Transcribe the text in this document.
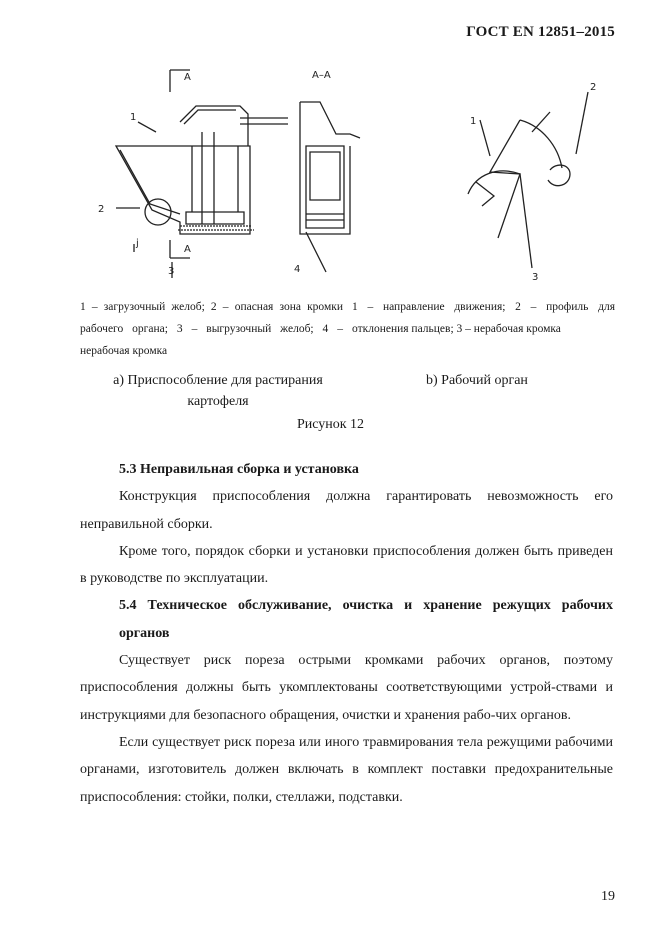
ГОСТ EN 12851–2015
A
A
1
2
3
j
A–A
4
1
2
3
1 – загрузочный желоб; 2 – опасная зона кромки рабочего органа; 3 – выгрузочный желоб; 4 – нерабочая кромка
1 – направление движения; 2 – профиль для отклонения пальцев; 3 – нерабочая кромка
а) Приспособление для растирания картофеля
b) Рабочий орган
Рисунок 12

5.3 Неправильная сборка и установка

Конструкция приспособления должна гарантировать невозможность его неправильной сборки.

Кроме того, порядок сборки и установки приспособления должен быть приведен в руководстве по эксплуатации.

5.4 Техническое обслуживание, очистка и хранение режущих рабочих органов

Существует риск пореза острыми кромками рабочих органов, поэтому приспособления должны быть укомплектованы соответствующими устрой-ствами и инструкциями для безопасного обращения, очистки и хранения рабо-чих органов.

Если существует риск пореза или иного травмирования тела режущими рабочими органами, изготовитель должен включать в комплект поставки предохранительные приспособления: стойки, полки, стеллажи, подставки.

19
